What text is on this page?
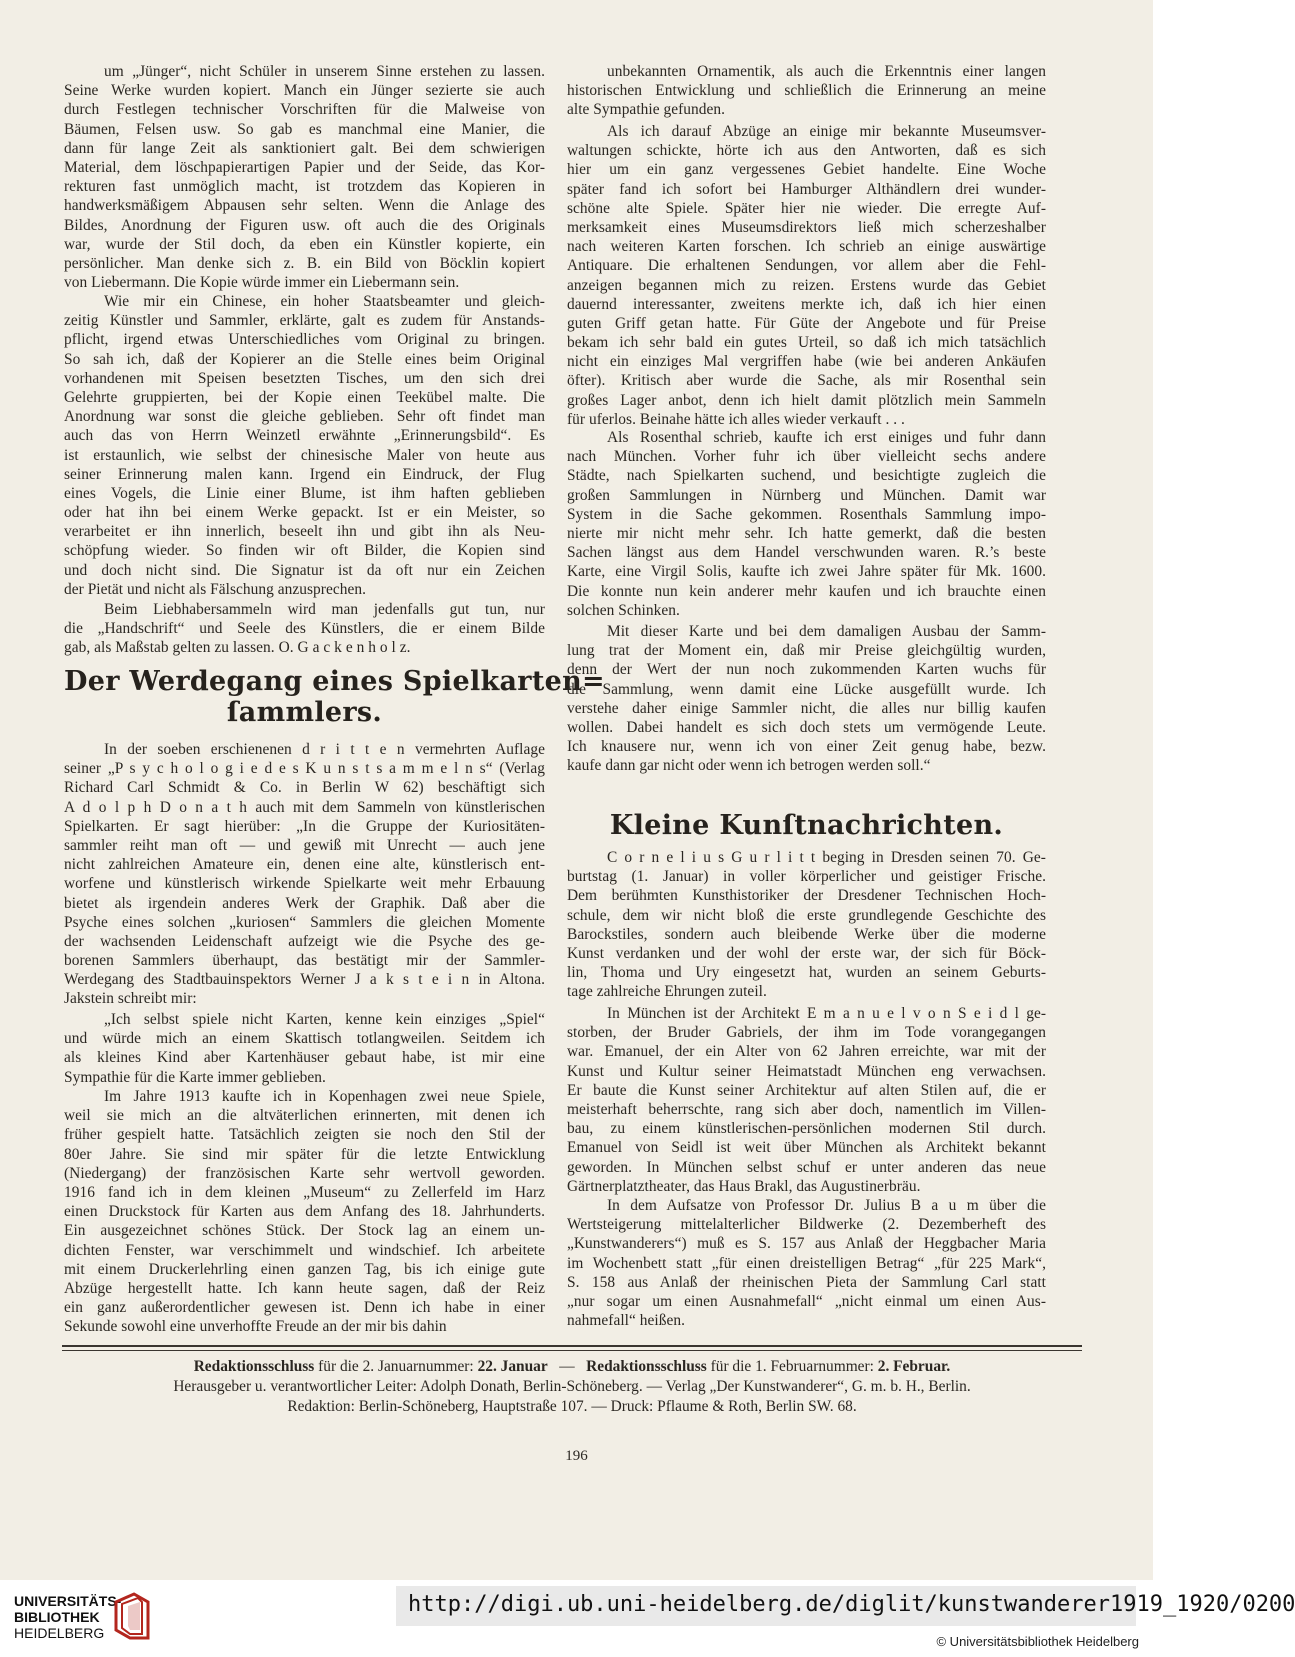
um „Jünger“, nicht Schüler in unserem Sinne erstehen zu lassen.
Seine Werke wurden kopiert. Manch ein Jünger sezierte sie auch
durch Festlegen technischer Vorschriften für die Malweise von
Bäumen, Felsen usw. So gab es manchmal eine Manier, die
dann für lange Zeit als sanktioniert galt. Bei dem schwierigen
Material, dem löschpapierartigen Papier und der Seide, das Kor-
rekturen fast unmöglich macht, ist trotzdem das Kopieren in
handwerksmäßigem Abpausen sehr selten. Wenn die Anlage des
Bildes, Anordnung der Figuren usw. oft auch die des Originals
war, wurde der Stil doch, da eben ein Künstler kopierte, ein
persönlicher. Man denke sich z. B. ein Bild von Böcklin kopiert
von Liebermann. Die Kopie würde immer ein Liebermann sein.
Wie mir ein Chinese, ein hoher Staatsbeamter und gleich-
zeitig Künstler und Sammler, erklärte, galt es zudem für Anstands-
pflicht, irgend etwas Unterschiedliches vom Original zu bringen.
So sah ich, daß der Kopierer an die Stelle eines beim Original
vorhandenen mit Speisen besetzten Tisches, um den sich drei
Gelehrte gruppierten, bei der Kopie einen Teekübel malte. Die
Anordnung war sonst die gleiche geblieben. Sehr oft findet man
auch das von Herrn Weinzetl erwähnte „Erinnerungsbild“. Es
ist erstaunlich, wie selbst der chinesische Maler von heute aus
seiner Erinnerung malen kann. Irgend ein Eindruck, der Flug
eines Vogels, die Linie einer Blume, ist ihm haften geblieben
oder hat ihn bei einem Werke gepackt. Ist er ein Meister, so
verarbeitet er ihn innerlich, beseelt ihn und gibt ihn als Neu-
schöpfung wieder. So finden wir oft Bilder, die Kopien sind
und doch nicht sind. Die Signatur ist da oft nur ein Zeichen
der Pietät und nicht als Fälschung anzusprechen.
Beim Liebhabersammeln wird man jedenfalls gut tun, nur
die „Handschrift“ und Seele des Künstlers, die er einem Bilde
gab, als Maßstab gelten zu lassen. O. G a c k e n h o l z.
In der soeben erschienenen d r i t t e n vermehrten Auflage
seiner „P s y c h o l o g i e d e s K u n s t s a m m e l n s“ (Verlag
Richard Carl Schmidt & Co. in Berlin W 62) beschäftigt sich
A d o l p h D o n a t h auch mit dem Sammeln von künstlerischen
Spielkarten. Er sagt hierüber: „In die Gruppe der Kuriositäten-
sammler reiht man oft — und gewiß mit Unrecht — auch jene
nicht zahlreichen Amateure ein, denen eine alte, künstlerisch ent-
worfene und künstlerisch wirkende Spielkarte weit mehr Erbauung
bietet als irgendein anderes Werk der Graphik. Daß aber die
Psyche eines solchen „kuriosen“ Sammlers die gleichen Momente
der wachsenden Leidenschaft aufzeigt wie die Psyche des ge-
borenen Sammlers überhaupt, das bestätigt mir der Sammler-
Werdegang des Stadtbauinspektors Werner J a k s t e i n in Altona.
Jakstein schreibt mir:
„Ich selbst spiele nicht Karten, kenne kein einziges „Spiel“
und würde mich an einem Skattisch totlangweilen. Seitdem ich
als kleines Kind aber Kartenhäuser gebaut habe, ist mir eine
Sympathie für die Karte immer geblieben.
Im Jahre 1913 kaufte ich in Kopenhagen zwei neue Spiele,
weil sie mich an die altväterlichen erinnerten, mit denen ich
früher gespielt hatte. Tatsächlich zeigten sie noch den Stil der
80er Jahre. Sie sind mir später für die letzte Entwicklung
(Niedergang) der französischen Karte sehr wertvoll geworden.
1916 fand ich in dem kleinen „Museum“ zu Zellerfeld im Harz
einen Druckstock für Karten aus dem Anfang des 18. Jahrhunderts.
Ein ausgezeichnet schönes Stück. Der Stock lag an einem un-
dichten Fenster, war verschimmelt und windschief. Ich arbeitete
mit einem Druckerlehrling einen ganzen Tag, bis ich einige gute
Abzüge hergestellt hatte. Ich kann heute sagen, daß der Reiz
ein ganz außerordentlicher gewesen ist. Denn ich habe in einer
Sekunde sowohl eine unverhoffte Freude an der mir bis dahin
Der Werdegang eines Spielkarten=
ſammlers.
unbekannten Ornamentik, als auch die Erkenntnis einer langen
historischen Entwicklung und schließlich die Erinnerung an meine
alte Sympathie gefunden.
Als ich darauf Abzüge an einige mir bekannte Museumsver-
waltungen schickte, hörte ich aus den Antworten, daß es sich
hier um ein ganz vergessenes Gebiet handelte. Eine Woche
später fand ich sofort bei Hamburger Althändlern drei wunder-
schöne alte Spiele. Später hier nie wieder. Die erregte Auf-
merksamkeit eines Museumsdirektors ließ mich scherzeshalber
nach weiteren Karten forschen. Ich schrieb an einige auswärtige
Antiquare. Die erhaltenen Sendungen, vor allem aber die Fehl-
anzeigen begannen mich zu reizen. Erstens wurde das Gebiet
dauernd interessanter, zweitens merkte ich, daß ich hier einen
guten Griff getan hatte. Für Güte der Angebote und für Preise
bekam ich sehr bald ein gutes Urteil, so daß ich mich tatsächlich
nicht ein einziges Mal vergriffen habe (wie bei anderen Ankäufen
öfter). Kritisch aber wurde die Sache, als mir Rosenthal sein
großes Lager anbot, denn ich hielt damit plötzlich mein Sammeln
für uferlos. Beinahe hätte ich alles wieder verkauft . . .
Als Rosenthal schrieb, kaufte ich erst einiges und fuhr dann
nach München. Vorher fuhr ich über vielleicht sechs andere
Städte, nach Spielkarten suchend, und besichtigte zugleich die
großen Sammlungen in Nürnberg und München. Damit war
System in die Sache gekommen. Rosenthals Sammlung impo-
nierte mir nicht mehr sehr. Ich hatte gemerkt, daß die besten
Sachen längst aus dem Handel verschwunden waren. R.’s beste
Karte, eine Virgil Solis, kaufte ich zwei Jahre später für Mk. 1600.
Die konnte nun kein anderer mehr kaufen und ich brauchte einen
solchen Schinken.
Mit dieser Karte und bei dem damaligen Ausbau der Samm-
lung trat der Moment ein, daß mir Preise gleichgültig wurden,
denn der Wert der nun noch zukommenden Karten wuchs für
die Sammlung, wenn damit eine Lücke ausgefüllt wurde. Ich
verstehe daher einige Sammler nicht, die alles nur billig kaufen
wollen. Dabei handelt es sich doch stets um vermögende Leute.
Ich knausere nur, wenn ich von einer Zeit genug habe, bezw.
kaufe dann gar nicht oder wenn ich betrogen werden soll.“
C o r n e l i u s G u r l i t t beging in Dresden seinen 70. Ge-
burtstag (1. Januar) in voller körperlicher und geistiger Frische.
Dem berühmten Kunsthistoriker der Dresdener Technischen Hoch-
schule, dem wir nicht bloß die erste grundlegende Geschichte des
Barockstiles, sondern auch bleibende Werke über die moderne
Kunst verdanken und der wohl der erste war, der sich für Böck-
lin, Thoma und Ury eingesetzt hat, wurden an seinem Geburts-
tage zahlreiche Ehrungen zuteil.
In München ist der Architekt E m a n u e l v o n S e i d l ge-
storben, der Bruder Gabriels, der ihm im Tode vorangegangen
war. Emanuel, der ein Alter von 62 Jahren erreichte, war mit der
Kunst und Kultur seiner Heimatstadt München eng verwachsen.
Er baute die Kunst seiner Architektur auf alten Stilen auf, die er
meisterhaft beherrschte, rang sich aber doch, namentlich im Villen-
bau, zu einem künstlerischen-persönlichen modernen Stil durch.
Emanuel von Seidl ist weit über München als Architekt bekannt
geworden. In München selbst schuf er unter anderen das neue
Gärtnerplatztheater, das Haus Brakl, das Augustinerbräu.
In dem Aufsatze von Professor Dr. Julius B a u m über die
Wertsteigerung mittelalterlicher Bildwerke (2. Dezemberheft des
„Kunstwanderers“) muß es S. 157 aus Anlaß der Heggbacher Maria
im Wochenbett statt „für einen dreistelligen Betrag“ „für 225 Mark“,
S. 158 aus Anlaß der rheinischen Pieta der Sammlung Carl statt
„nur sogar um einen Ausnahmefall“ „nicht einmal um einen Aus-
nahmefall“ heißen.
Kleine Kunſtnachrichten.
Redaktionsschluss für die 2. Januarnummer: 22. Januar   —   Redaktionsschluss für die 1. Februarnummer: 2. Februar.
Herausgeber u. verantwortlicher Leiter: Adolph Donath, Berlin-Schöneberg. — Verlag „Der Kunstwanderer“, G. m. b. H., Berlin.
Redaktion: Berlin-Schöneberg, Hauptstraße 107. — Druck: Pflaume & Roth, Berlin SW. 68.
196
UNIVERSITÄTS-
BIBLIOTHEK
HEIDELBERG
http://digi.ub.uni-heidelberg.de/diglit/kunstwanderer1919_1920/0200
© Universitätsbibliothek Heidelberg
